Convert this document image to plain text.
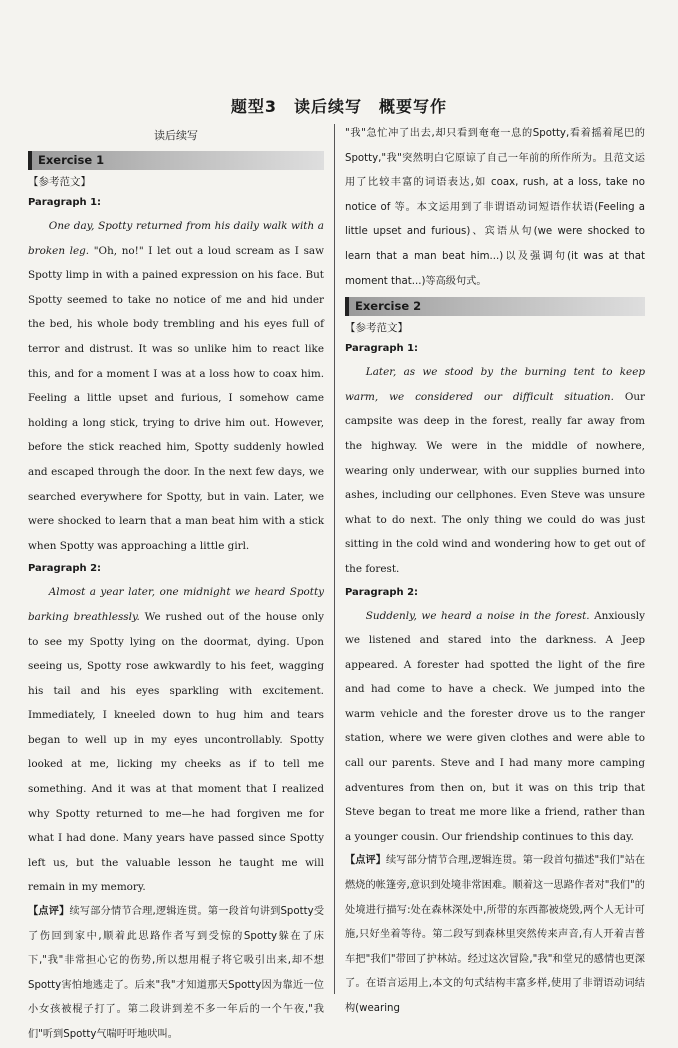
题型3　读后续写　概要写作
读后续写
Exercise 1
【参考范文】
Paragraph 1:

One day, Spotty returned from his daily walk with a broken leg. "Oh, no!" I let out a loud scream as I saw Spotty limp in with a pained expression on his face. But Spotty seemed to take no notice of me and hid under the bed, his whole body trembling and his eyes full of terror and distrust. It was so unlike him to react like this, and for a moment I was at a loss how to coax him. Feeling a little upset and furious, I somehow came holding a long stick, trying to drive him out. However, before the stick reached him, Spotty suddenly howled and escaped through the door. In the next few days, we searched everywhere for Spotty, but in vain. Later, we were shocked to learn that a man beat him with a stick when Spotty was approaching a little girl.

Paragraph 2:

Almost a year later, one midnight we heard Spotty barking breathlessly. We rushed out of the house only to see my Spotty lying on the doormat, dying. Upon seeing us, Spotty rose awkwardly to his feet, wagging his tail and his eyes sparkling with excitement. Immediately, I kneeled down to hug him and tears began to well up in my eyes uncontrollably. Spotty looked at me, licking my cheeks as if to tell me something. And it was at that moment that I realized why Spotty returned to me—he had forgiven me for what I had done. Many years have passed since Spotty left us, but the valuable lesson he taught me will remain in my memory.

【点评】续写部分情节合理,逻辑连贯。第一段首句讲到Spotty受了伤回到家中,顺着此思路作者写到受惊的Spotty躲在了床下,"我"非常担心它的伤势,所以想用棍子将它吸引出来,却不想Spotty害怕地逃走了。后来"我"才知道那天Spotty因为靠近一位小女孩被棍子打了。第二段讲到差不多一年后的一个午夜,"我们"听到Spotty气喘吁吁地吠叫。

"我"急忙冲了出去,却只看到奄奄一息的Spotty,看着摇着尾巴的Spotty,"我"突然明白它原谅了自己一年前的所作所为。且范文运用了比较丰富的词语表达,如 coax, rush, at a loss, take no notice of 等。本文运用到了非谓语动词短语作状语(Feeling a little upset and furious)、宾语从句(we were shocked to learn that a man beat him...)以及强调句(it was at that moment that...)等高级句式。

Exercise 2
【参考范文】
Paragraph 1:

Later, as we stood by the burning tent to keep warm, we considered our difficult situation. Our campsite was deep in the forest, really far away from the highway. We were in the middle of nowhere, wearing only underwear, with our supplies burned into ashes, including our cellphones. Even Steve was unsure what to do next. The only thing we could do was just sitting in the cold wind and wondering how to get out of the forest.

Paragraph 2:

Suddenly, we heard a noise in the forest. Anxiously we listened and stared into the darkness. A Jeep appeared. A forester had spotted the light of the fire and had come to have a check. We jumped into the warm vehicle and the forester drove us to the ranger station, where we were given clothes and were able to call our parents. Steve and I had many more camping adventures from then on, but it was on this trip that Steve began to treat me more like a friend, rather than a younger cousin. Our friendship continues to this day.

【点评】续写部分情节合理,逻辑连贯。第一段首句描述"我们"站在燃烧的帐篷旁,意识到处境非常困难。顺着这一思路作者对"我们"的处境进行描写:处在森林深处中,所带的东西都被烧毁,两个人无计可施,只好坐着等待。第二段写到森林里突然传来声音,有人开着吉普车把"我们"带回了护林站。经过这次冒险,"我"和堂兄的感情也更深了。在语言运用上,本文的句式结构丰富多样,使用了非谓语动词结构(wearing
